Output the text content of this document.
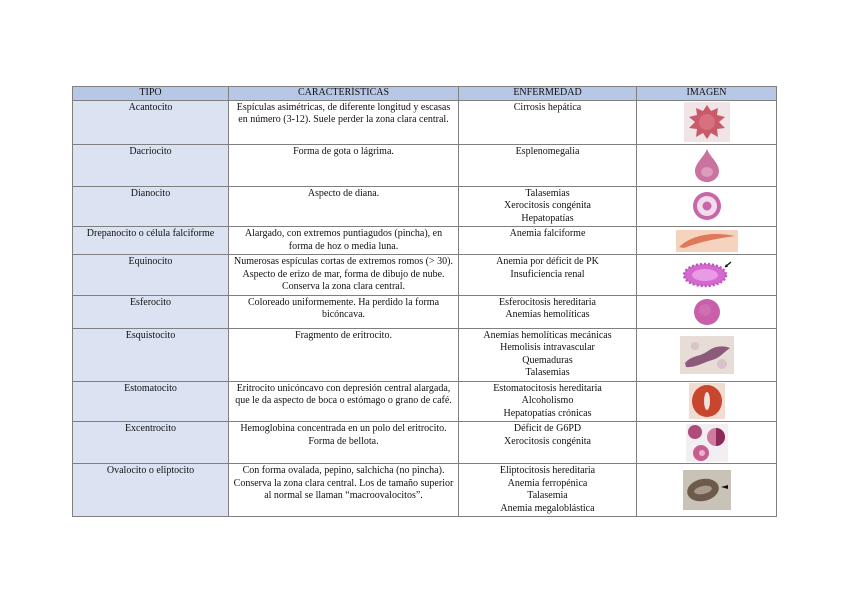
TIPO	CARACTERÍSTICAS	ENFERMEDAD	IMAGEN
Acantocito	Espículas asimétricas, de diferente longitud y escasas en número (3-12). Suele perder la zona clara central.	Cirrosis hepática

Dacriocito	Forma de gota o lágrima.	Esplenomegalia

Dianocito	Aspecto de diana.	Talasemias
Xerocitosis congénita
Hepatopatías

Drepanocito o célula falciforme	Alargado, con extremos puntiagudos (pincha), en forma de hoz o media luna.	Anemia falciforme

Equinocito	Numerosas espículas cortas de extremos romos (> 30). Aspecto de erizo de mar, forma de dibujo de nube. Conserva la zona clara central.	Anemia por déficit de PK
Insuficiencia renal

Esferocito	Coloreado uniformemente. Ha perdido la forma bicóncava.	Esferocitosis hereditaria
Anemias hemolíticas

Esquistocito	Fragmento de eritrocito.	Anemias hemolíticas mecánicas
Hemolisis intravascular
Quemaduras
Talasemias

Estomatocito	Eritrocito unicóncavo con depresión central alargada, que le da aspecto de boca o estómago o grano de café.	Estomatocitosis hereditaria
Alcoholismo
Hepatopatías crónicas

Excentrocito	Hemoglobina concentrada en un polo del eritrocito. Forma de bellota.	Déficit de G6PD
Xerocitosis congénita

Ovalocito o eliptocito	Con forma ovalada, pepino, salchicha (no pincha). Conserva la zona clara central. Los de tamaño superior al normal se llaman “macroovalocitos”.	Eliptocitosis hereditaria
Anemia ferropénica
Talasemia
Anemia megaloblástica
